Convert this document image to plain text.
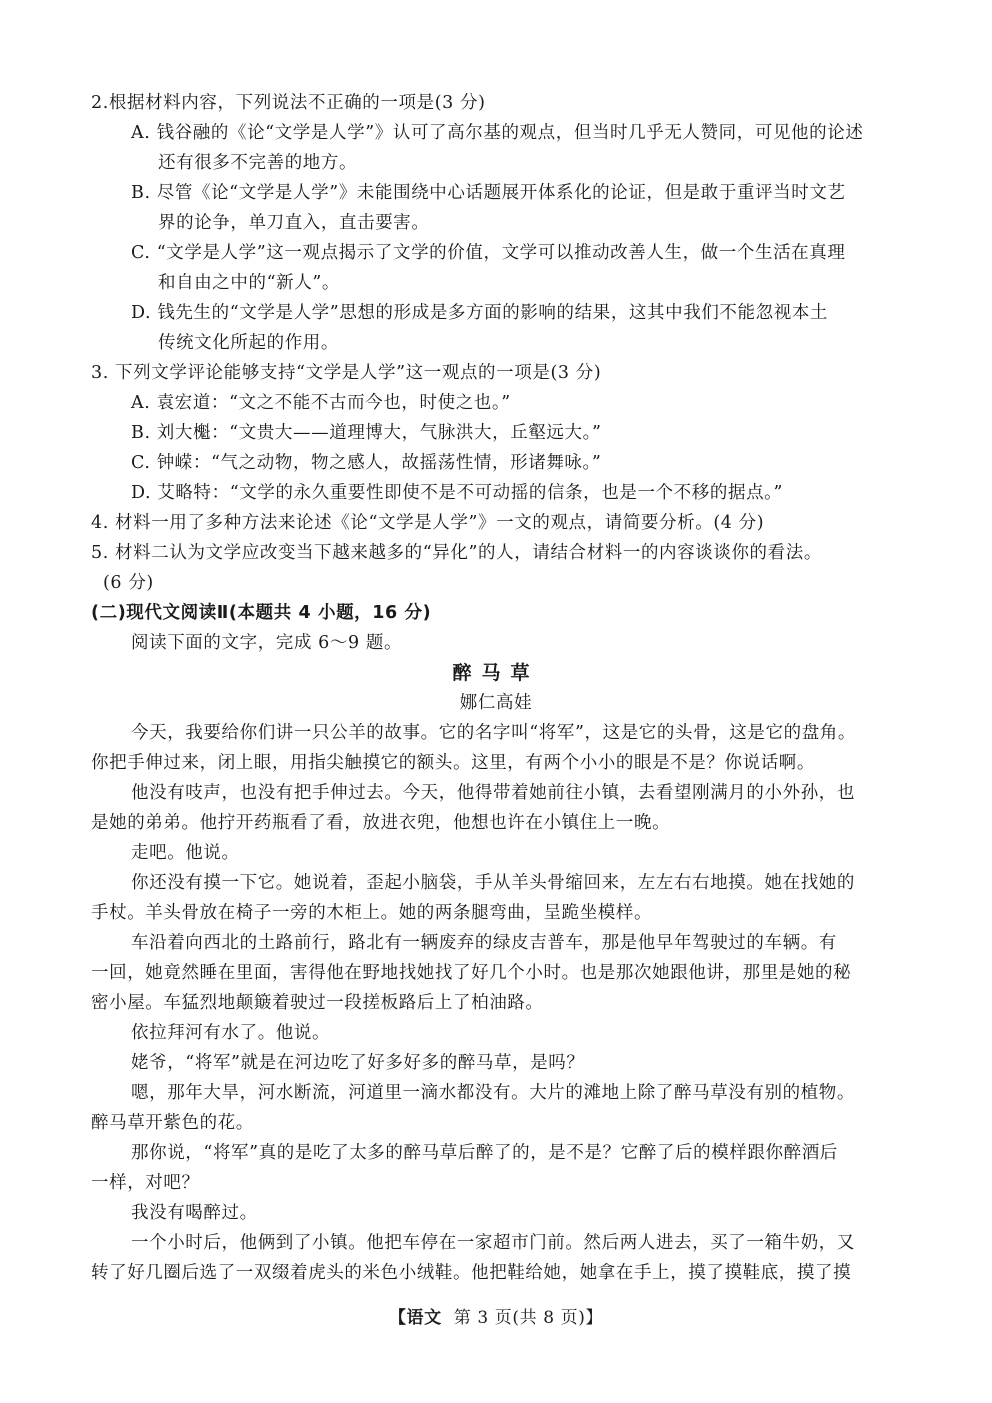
2.根据材料内容，下列说法不正确的一项是(3 分)
A. 钱谷融的《论“文学是人学”》认可了高尔基的观点，但当时几乎无人赞同，可见他的论述
还有很多不完善的地方。
B. 尽管《论“文学是人学”》未能围绕中心话题展开体系化的论证，但是敢于重评当时文艺
界的论争，单刀直入，直击要害。
C. “文学是人学”这一观点揭示了文学的价值，文学可以推动改善人生，做一个生活在真理
和自由之中的“新人”。
D. 钱先生的“文学是人学”思想的形成是多方面的影响的结果，这其中我们不能忽视本土
传统文化所起的作用。
3. 下列文学评论能够支持“文学是人学”这一观点的一项是(3 分)
A. 袁宏道：“文之不能不古而今也，时使之也。”
B. 刘大櫆：“文贵大——道理博大，气脉洪大，丘壑远大。”
C. 钟嵘：“气之动物，物之感人，故摇荡性情，形诸舞咏。”
D. 艾略特：“文学的永久重要性即使不是不可动摇的信条，也是一个不移的据点。”
4. 材料一用了多种方法来论述《论“文学是人学”》一文的观点，请简要分析。(4 分)
5. 材料二认为文学应改变当下越来越多的“异化”的人，请结合材料一的内容谈谈你的看法。
(6 分)
(二)现代文阅读Ⅱ(本题共 4 小题，16 分)
阅读下面的文字，完成 6～9 题。
醉马草
娜仁高娃
今天，我要给你们讲一只公羊的故事。它的名字叫“将军”，这是它的头骨，这是它的盘角。
你把手伸过来，闭上眼，用指尖触摸它的额头。这里，有两个小小的眼是不是？你说话啊。
他没有吱声，也没有把手伸过去。今天，他得带着她前往小镇，去看望刚满月的小外孙，也
是她的弟弟。他拧开药瓶看了看，放进衣兜，他想也许在小镇住上一晚。
走吧。他说。
你还没有摸一下它。她说着，歪起小脑袋，手从羊头骨缩回来，左左右右地摸。她在找她的
手杖。羊头骨放在椅子一旁的木柜上。她的两条腿弯曲，呈跪坐模样。
车沿着向西北的土路前行，路北有一辆废弃的绿皮吉普车，那是他早年驾驶过的车辆。有
一回，她竟然睡在里面，害得他在野地找她找了好几个小时。也是那次她跟他讲，那里是她的秘
密小屋。车猛烈地颠簸着驶过一段搓板路后上了柏油路。
依拉拜河有水了。他说。
姥爷，“将军”就是在河边吃了好多好多的醉马草，是吗？
嗯，那年大旱，河水断流，河道里一滴水都没有。大片的滩地上除了醉马草没有别的植物。
醉马草开紫色的花。
那你说，“将军”真的是吃了太多的醉马草后醉了的，是不是？它醉了后的模样跟你醉酒后
一样，对吧？
我没有喝醉过。
一个小时后，他俩到了小镇。他把车停在一家超市门前。然后两人进去，买了一箱牛奶，又
转了好几圈后选了一双缀着虎头的米色小绒鞋。他把鞋给她，她拿在手上，摸了摸鞋底，摸了摸
【语文 第 3 页(共 8 页)】
